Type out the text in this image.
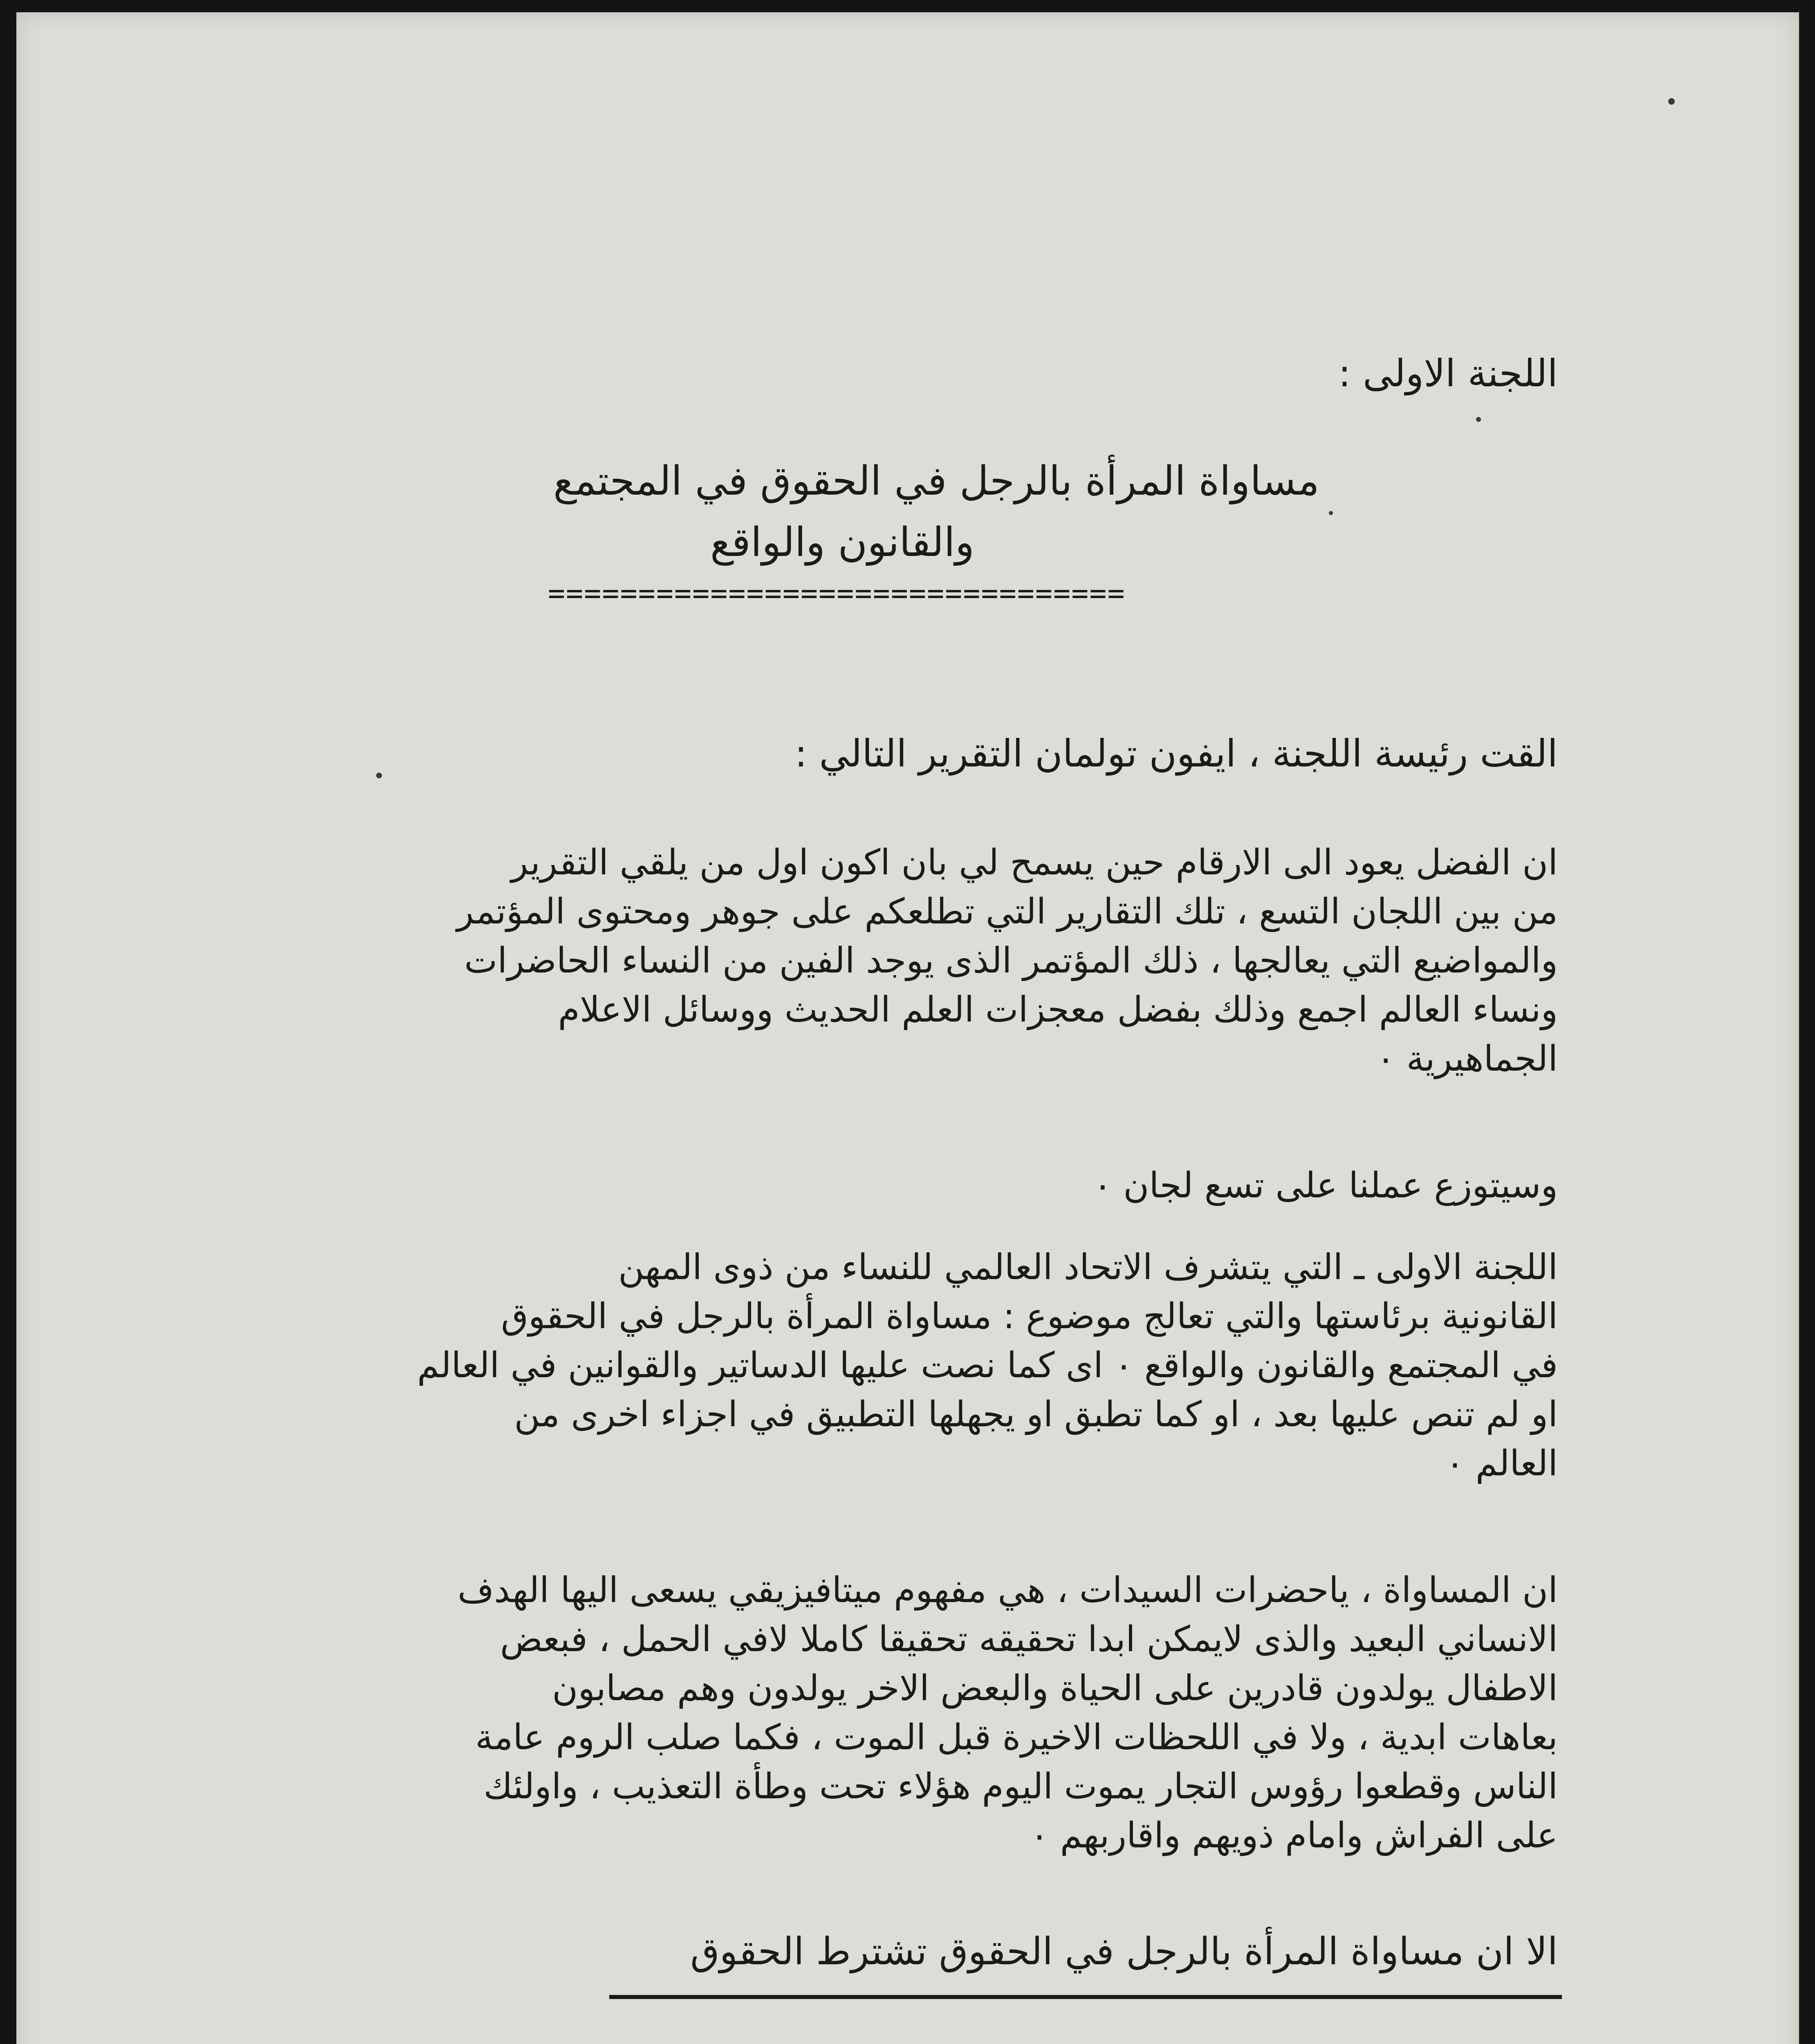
اللجنة الاولى :
مساواة المرأة بالرجل في الحقوق في المجتمع
والقانون والواقع
================================
القت رئيسة اللجنة ، ايفون تولمان التقرير التالي :
ان الفضل يعود الى الارقام حين يسمح لي بان اكون اول من يلقي التقرير
من بين اللجان التسع ، تلك التقارير التي تطلعكم على جوهر ومحتوى المؤتمر
والمواضيع التي يعالجها ، ذلك المؤتمر الذى يوجد الفين من النساء الحاضرات
ونساء العالم اجمع وذلك بفضل معجزات العلم الحديث ووسائل الاعلام
الجماهيرية ٠
وسيتوزع عملنا على تسع لجان ٠
اللجنة الاولى ـ التي يتشرف الاتحاد العالمي للنساء من ذوى المهن
القانونية برئاستها والتي تعالج موضوع : مساواة المرأة بالرجل في الحقوق
في المجتمع والقانون والواقع ٠ اى كما نصت عليها الدساتير والقوانين في العالم
او لم تنص عليها بعد ، او كما تطبق او يجهلها التطبيق في اجزاء اخرى من
العالم ٠
ان المساواة ، ياحضرات السيدات ، هي مفهوم ميتافيزيقي يسعى اليها الهدف
الانساني البعيد والذى لايمكن ابدا تحقيقه تحقيقا كاملا لافي الحمل ، فبعض
الاطفال يولدون قادرين على الحياة والبعض الاخر يولدون وهم مصابون
بعاهات ابدية ، ولا في اللحظات الاخيرة قبل الموت ، فكما صلب الروم عامة
الناس وقطعوا رؤوس التجار يموت اليوم هؤلاء تحت وطأة التعذيب ، واولئك
على الفراش وامام ذويهم واقاربهم ٠
الا ان مساواة المرأة بالرجل في الحقوق تشترط الحقوق
